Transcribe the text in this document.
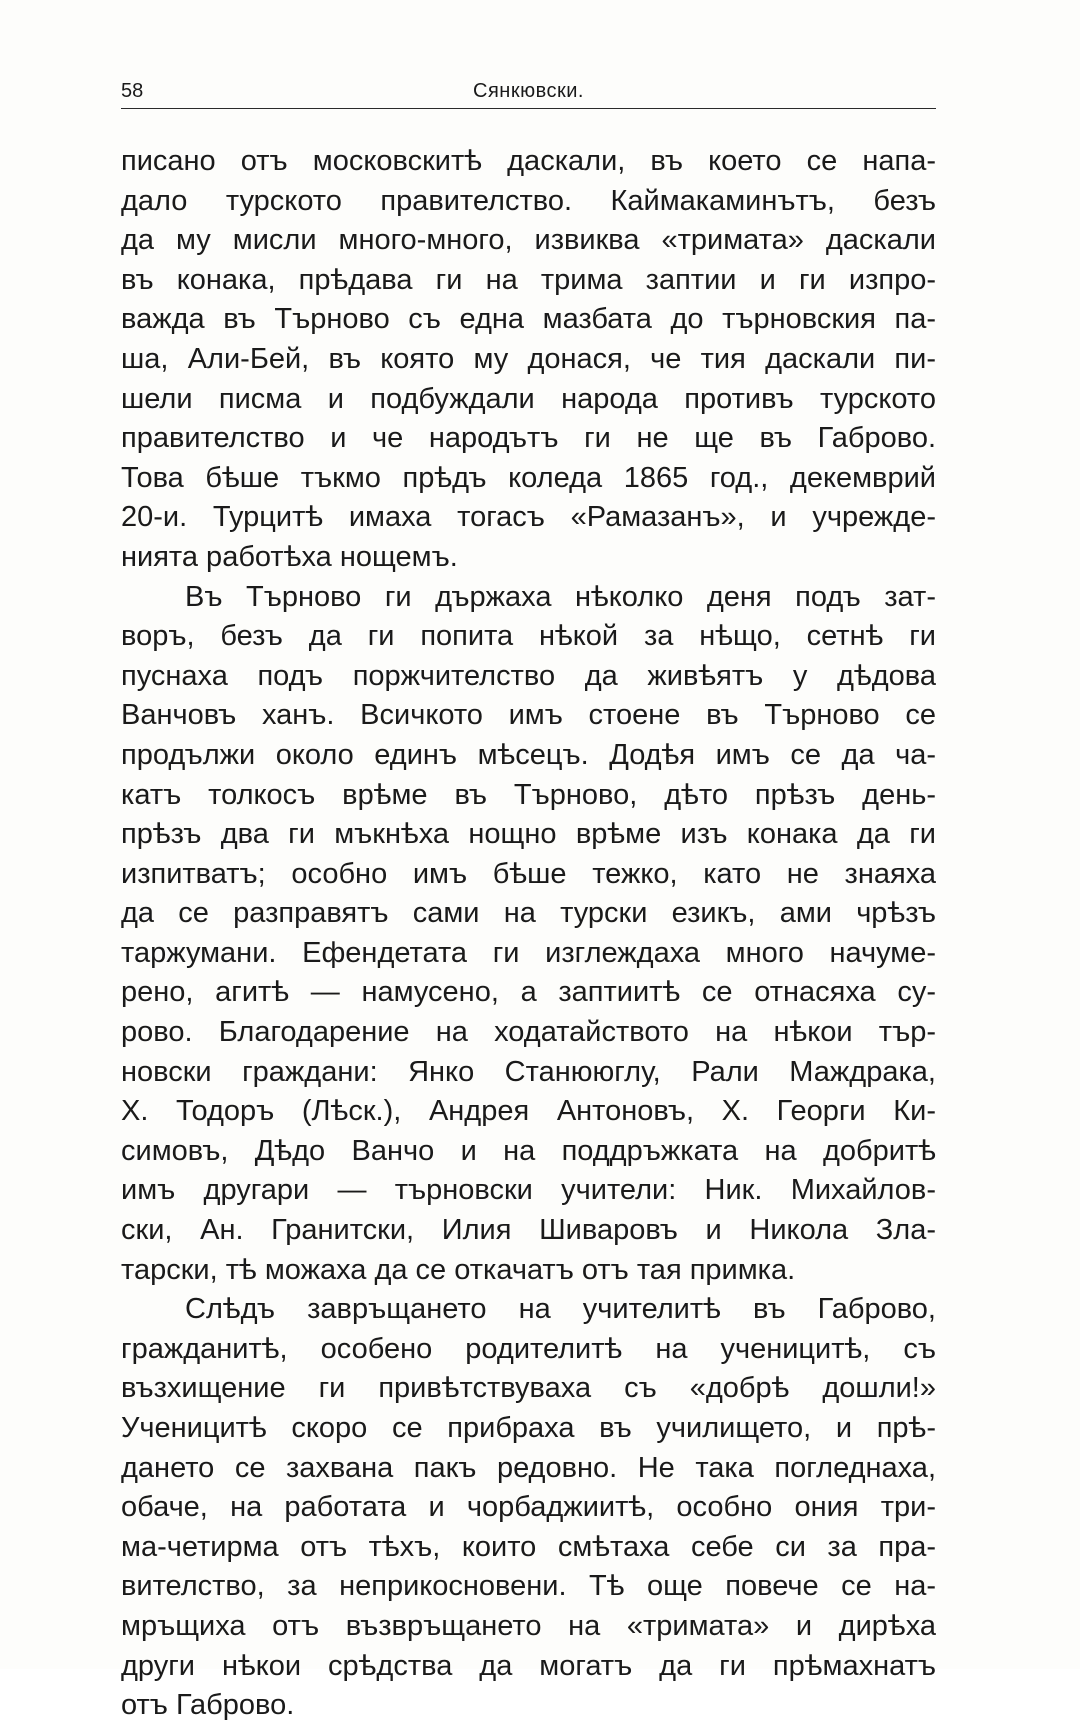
58	Сянкювски.
писано отъ московскитѣ даскали, въ което се напа-
дало турското правителство. Каймакаминътъ, безъ
да му мисли много-много, извиква «тримата» даскали
въ конака, прѣдава ги на трима заптии и ги изпро-
важда въ Търново съ една мазбата до търновския па-
ша, Али-Бей, въ която му донася, че тия даскали пи-
шели писма и подбуждали народа противъ турското
правителство и че народътъ ги не ще въ Габрово.
Това бѣше тъкмо прѣдъ коледа 1865 год., декемврий
20-и. Турцитѣ имаха тогасъ «Рамазанъ», и учрежде-
нията работѣха нощемъ.
Въ Търново ги държаха нѣколко деня подъ зат-
воръ, безъ да ги попита нѣкой за нѣщо, сетнѣ ги
пуснаха подъ поржчителство да живѣятъ у дѣдова
Ванчовъ ханъ. Всичкото имъ стоене въ Търново се
продължи около единъ мѣсецъ. Додѣя имъ се да ча-
катъ толкосъ врѣме въ Търново, дѣто прѣзъ день-
прѣзъ два ги мъкнѣха нощно врѣме изъ конака да ги
изпитватъ; особно имъ бѣше тежко, като не знаяха
да се разправятъ сами на турски езикъ, ами чрѣзъ
таржумани. Ефендетата ги изглеждаха много начуме-
рено, агитѣ — намусено, а заптиитѣ се отнасяха су-
рово. Благодарение на ходатайството на нѣкои тър-
новски граждани: Янко Станююглу, Рали Маждрака,
Х. Тодоръ (Лѣск.), Андрея Антоновъ, Х. Георги Ки-
симовъ, Дѣдо Ванчо и на поддръжката на добритѣ
имъ другари — търновски учители: Ник. Михайлов-
ски, Ан. Гранитски, Илия Шиваровъ и Никола Зла-
тарски, тѣ можаха да се откачатъ отъ тая примка.
Слѣдъ завръщането на учителитѣ въ Габрово,
гражданитѣ, особено родителитѣ на ученицитѣ, съ
възхищение ги привѣтствуваха съ «добрѣ дошли!»
Ученицитѣ скоро се прибраха въ училището, и прѣ-
дането се захвана пакъ редовно. Не така погледнаха,
обаче, на работата и чорбаджиитѣ, особно ония три-
ма-четирма отъ тѣхъ, които смѣтаха себе си за пра-
вителство, за неприкосновени. Тѣ още повече се на-
мръщиха отъ възвръщането на «тримата» и дирѣха
други нѣкои срѣдства да могатъ да ги прѣмахнатъ
отъ Габрово.
